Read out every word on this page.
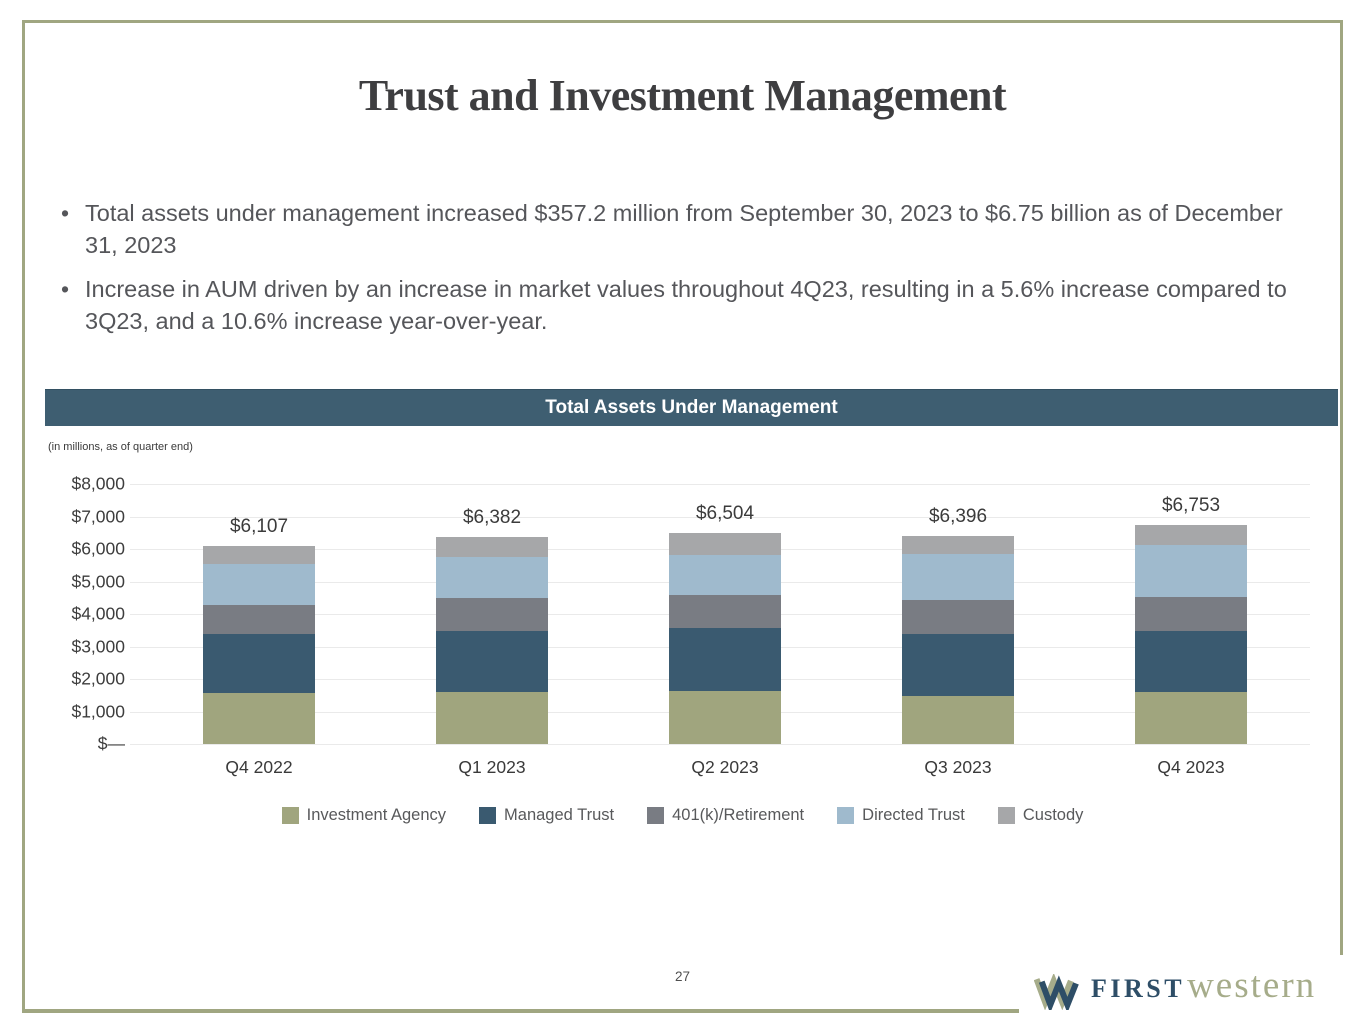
Trust and Investment Management
• Total assets under management increased $357.2 million from September 30, 2023 to $6.75 billion as of December 31, 2023
• Increase in AUM driven by an increase in market values throughout 4Q23, resulting in a 5.6% increase compared to 3Q23, and a 10.6% increase year-over-year.
Total Assets Under Management
(in millions, as of quarter end)
$8,000
$7,000
$6,000
$5,000
$4,000
$3,000
$2,000
$1,000
$—
$6,107
Q4 2022
$6,382
Q1 2023
$6,504
Q2 2023
$6,396
Q3 2023
$6,753
Q4 2023
Investment Agency	Managed Trust	401(k)/Retirement	Directed Trust	Custody
27	FIRST western
